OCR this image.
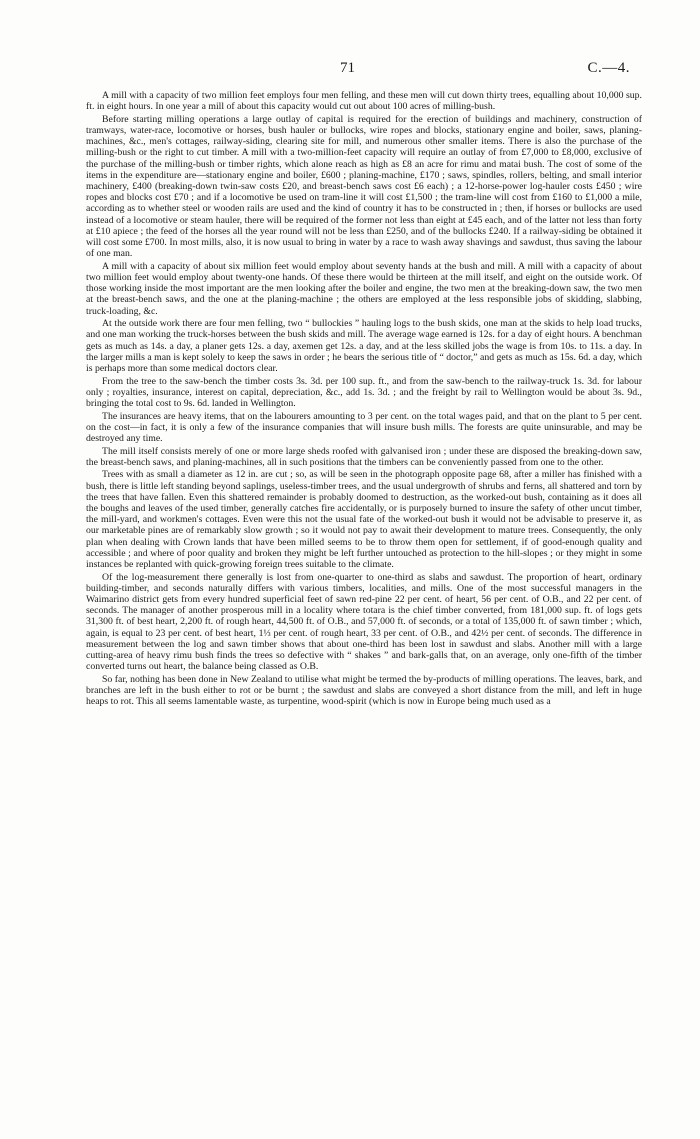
71	C.—4.

A mill with a capacity of two million feet employs four men felling, and these men will cut down thirty trees, equalling about 10,000 sup. ft. in eight hours. In one year a mill of about this capacity would cut out about 100 acres of milling-bush.

Before starting milling operations a large outlay of capital is required for the erection of buildings and machinery, construction of tramways, water-race, locomotive or horses, bush hauler or bullocks, wire ropes and blocks, stationary engine and boiler, saws, planing-machines, &c., men's cottages, railway-siding, clearing site for mill, and numerous other smaller items. There is also the purchase of the milling-bush or the right to cut timber. A mill with a two-million-feet capacity will require an outlay of from £7,000 to £8,000, exclusive of the purchase of the milling-bush or timber rights, which alone reach as high as £8 an acre for rimu and matai bush. The cost of some of the items in the expenditure are—stationary engine and boiler, £600 ; planing-machine, £170 ; saws, spindles, rollers, belting, and small interior machinery, £400 (breaking-down twin-saw costs £20, and breast-bench saws cost £6 each) ; a 12-horse-power log-hauler costs £450 ; wire ropes and blocks cost £70 ; and if a locomotive be used on tram-line it will cost £1,500 ; the tram-line will cost from £160 to £1,000 a mile, according as to whether steel or wooden rails are used and the kind of country it has to be constructed in ; then, if horses or bullocks are used instead of a locomotive or steam hauler, there will be required of the former not less than eight at £45 each, and of the latter not less than forty at £10 apiece ; the feed of the horses all the year round will not be less than £250, and of the bullocks £240. If a railway-siding be obtained it will cost some £700. In most mills, also, it is now usual to bring in water by a race to wash away shavings and sawdust, thus saving the labour of one man.

A mill with a capacity of about six million feet would employ about seventy hands at the bush and mill. A mill with a capacity of about two million feet would employ about twenty-one hands. Of these there would be thirteen at the mill itself, and eight on the outside work. Of those working inside the most important are the men looking after the boiler and engine, the two men at the breaking-down saw, the two men at the breast-bench saws, and the one at the planing-machine ; the others are employed at the less responsible jobs of skidding, slabbing, truck-loading, &c.

At the outside work there are four men felling, two “ bullockies ” hauling logs to the bush skids, one man at the skids to help load trucks, and one man working the truck-horses between the bush skids and mill. The average wage earned is 12s. for a day of eight hours. A benchman gets as much as 14s. a day, a planer gets 12s. a day, axemen get 12s. a day, and at the less skilled jobs the wage is from 10s. to 11s. a day. In the larger mills a man is kept solely to keep the saws in order ; he bears the serious title of “ doctor,” and gets as much as 15s. 6d. a day, which is perhaps more than some medical doctors clear.

From the tree to the saw-bench the timber costs 3s. 3d. per 100 sup. ft., and from the saw-bench to the railway-truck 1s. 3d. for labour only ; royalties, insurance, interest on capital, depreciation, &c., add 1s. 3d. ; and the freight by rail to Wellington would be about 3s. 9d., bringing the total cost to 9s. 6d. landed in Wellington.

The insurances are heavy items, that on the labourers amounting to 3 per cent. on the total wages paid, and that on the plant to 5 per cent. on the cost—in fact, it is only a few of the insurance companies that will insure bush mills. The forests are quite uninsurable, and may be destroyed any time.

The mill itself consists merely of one or more large sheds roofed with galvanised iron ; under these are disposed the breaking-down saw, the breast-bench saws, and planing-machines, all in such positions that the timbers can be conveniently passed from one to the other.

Trees with as small a diameter as 12 in. are cut ; so, as will be seen in the photograph opposite page 68, after a miller has finished with a bush, there is little left standing beyond saplings, useless-timber trees, and the usual undergrowth of shrubs and ferns, all shattered and torn by the trees that have fallen. Even this shattered remainder is probably doomed to destruction, as the worked-out bush, containing as it does all the boughs and leaves of the used timber, generally catches fire accidentally, or is purposely burned to insure the safety of other uncut timber, the mill-yard, and workmen's cottages. Even were this not the usual fate of the worked-out bush it would not be advisable to preserve it, as our marketable pines are of remarkably slow growth ; so it would not pay to await their development to mature trees. Consequently, the only plan when dealing with Crown lands that have been milled seems to be to throw them open for settlement, if of good-enough quality and accessible ; and where of poor quality and broken they might be left further untouched as protection to the hill-slopes ; or they might in some instances be replanted with quick-growing foreign trees suitable to the climate.

Of the log-measurement there generally is lost from one-quarter to one-third as slabs and sawdust. The proportion of heart, ordinary building-timber, and seconds naturally differs with various timbers, localities, and mills. One of the most successful managers in the Waimarino district gets from every hundred superficial feet of sawn red-pine 22 per cent. of heart, 56 per cent. of O.B., and 22 per cent. of seconds. The manager of another prosperous mill in a locality where totara is the chief timber converted, from 181,000 sup. ft. of logs gets 31,300 ft. of best heart, 2,200 ft. of rough heart, 44,500 ft. of O.B., and 57,000 ft. of seconds, or a total of 135,000 ft. of sawn timber ; which, again, is equal to 23 per cent. of best heart, 1⅓ per cent. of rough heart, 33 per cent. of O.B., and 42½ per cent. of seconds. The difference in measurement between the log and sawn timber shows that about one-third has been lost in sawdust and slabs. Another mill with a large cutting-area of heavy rimu bush finds the trees so defective with “ shakes ” and bark-galls that, on an average, only one-fifth of the timber converted turns out heart, the balance being classed as O.B.

So far, nothing has been done in New Zealand to utilise what might be termed the by-products of milling operations. The leaves, bark, and branches are left in the bush either to rot or be burnt ; the sawdust and slabs are conveyed a short distance from the mill, and left in huge heaps to rot. This all seems lamentable waste, as turpentine, wood-spirit (which is now in Europe being much used as a
